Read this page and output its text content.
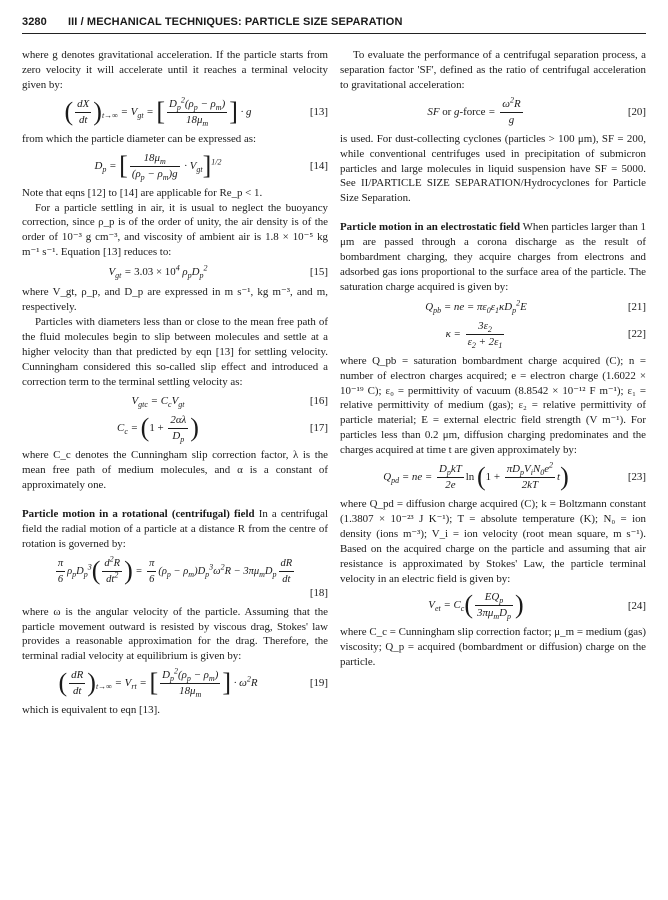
3280 III / MECHANICAL TECHNIQUES: PARTICLE SIZE SEPARATION

where g denotes gravitational acceleration. If the particle starts from zero velocity it will accelerate until it reaches a terminal velocity given by:

( $\frac{dX}{dt} )_{t\to\infty} = V_{gt}$ = [ $\frac{D_p^2(\rho_p - \rho_m)}{18\mu_m}$ ] · g	[13]

from which the particle diameter can be expressed as:

$D_p$ = [ $\frac{18\mu_m}{(\rho_p - \rho_m)g} \cdot V_{gt}]^{1/2}$	[14]

Note that eqns [12] to [14] are applicable for Re_p < 1.

For a particle settling in air, it is usual to neglect the buoyancy correction, since ρ_p is of the order of unity, the air density is of the order of 10⁻³ g cm⁻³, and viscosity of ambient air is 1.8 × 10⁻⁵ kg m⁻¹ s⁻¹. Equation [13] reduces to:

$V_{gt} = 3.03 \times 10^4$ $\rho_pD_p^2$	[15]

where V_gt, ρ_p, and D_p are expressed in m s⁻¹, kg m⁻³, and m, respectively.

Particles with diameters less than or close to the mean free path of the fluid molecules begin to slip between molecules and settle at a higher velocity than that predicted by eqn [13] for settling velocity. Cunningham considered this so-called slip effect and introduced a correction term to the terminal settling velocity as:

$V_{gtc} = C_cV_{gt}$	[16]
$C_c = (1 + \frac{2\alpha\lambda}{D_p}$ )	[17]

where C_c denotes the Cunningham slip correction factor, λ is the mean free path of medium molecules, and α is a constant of approximately one.

Particle motion in a rotational (centrifugal) field In a centrifugal field the radial motion of a particle at a distance R from the centre of rotation is governed by:

$\frac{\pi}{6} \rho_pD_p^3( \frac{d^2R}{dt^2}$ ) = $\frac{\pi}{6} (\rho_p - \rho_m)D_p^3\omega^2R - 3\pi\mu_mD_p \frac{dR}{dt}$
[18]

where ω is the angular velocity of the particle. Assuming that the particle movement outward is resisted by viscous drag, Stokes' law provides a reasonable approximation for the drag. Therefore, the terminal radial velocity at equilibrium is given by:

( $\frac{dR}{dt} )_{t\to\infty} = V_{rt}$ = [ $\frac{D_p^2(\rho_p - \rho_m)}{18\mu_m}$ ] · $\omega^2R$	[19]

which is equivalent to eqn [13].

To evaluate the performance of a centrifugal separation process, a separation factor 'SF', defined as the ratio of centrifugal acceleration to gravitational acceleration:

SF or g-force = $\frac{\omega^2R}{g}$	[20]

is used. For dust-collecting cyclones (particles > 100 μm), SF = 200, while conventional centrifuges used in precipitation of submicron particles and large molecules in liquid suspension have SF = 5000. See II/PARTICLE SIZE SEPARATION/Hydrocyclones for Particle Size Separation.

Particle motion in an electrostatic field When particles larger than 1 μm are passed through a corona discharge as the result of bombardment charging, they acquire charges from electrons and adsorbed gas ions proportional to the surface area of the particle. The saturation charge acquired is given by:

$Q_{pb}$ = ne = $\pi\varepsilon_0\varepsilon_1\kappa D_p^2E$	[21]
$\kappa = \frac{3\varepsilon_2}{\varepsilon_2 + 2\varepsilon_1}$	[22]

where Q_pb = saturation bombardment charge acquired (C); n = number of electron charges acquired; e = electron charge (1.6022 × 10⁻¹⁹ C); ε₀ = permittivity of vacuum (8.8542 × 10⁻¹² F m⁻¹); ε₁ = relative permittivity of medium (gas); ε₂ = relative permittivity of particle material; E = external electric field strength (V m⁻¹). For particles less than 0.2 μm, diffusion charging predominates and the charges acquired at time t are given approximately by:

$Q_{pd}$ = ne = $\frac{D_pkT}{2e}$ $\ln (1 + \frac{\pi D_pV_iN_0e^2}{2kT} t)$	[23]

where Q_pd = diffusion charge acquired (C); k = Boltzmann constant (1.3807 × 10⁻²³ J K⁻¹); T = absolute temperature (K); N₀ = ion density (ions m⁻³); V_i = ion velocity (root mean square, m s⁻¹). Based on the acquired charge on the particle and assuming that air resistance is approximated by Stokes' Law, the particle terminal velocity in an electric field is given by:

$V_{et} = C_c( \frac{EQ_p}{3\pi\mu_mD_p}$ )	[24]

where C_c = Cunningham slip correction factor; μ_m = medium (gas) viscosity; Q_p = acquired (bombardment or diffusion) charge on the particle.
